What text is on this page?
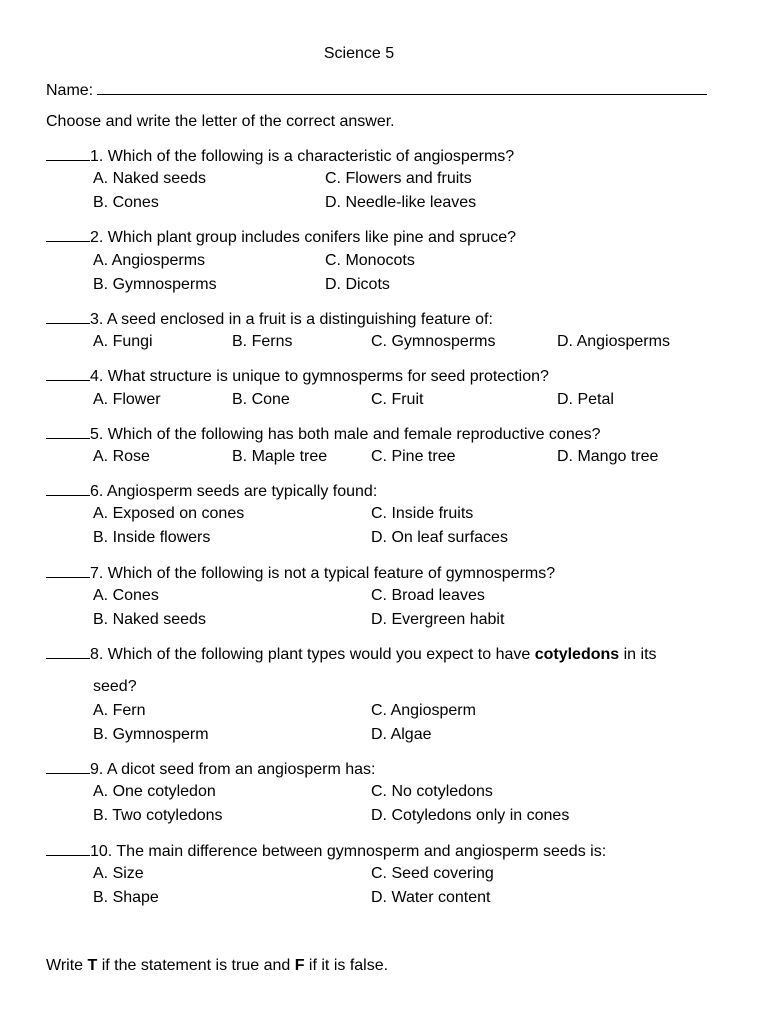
Science 5
Name:
Choose and write the letter of the correct answer.
1. Which of the following is a characteristic of angiosperms?
A. Naked seeds	C. Flowers and fruits
B. Cones	D. Needle-like leaves
2. Which plant group includes conifers like pine and spruce?
A. Angiosperms	C. Monocots
B. Gymnosperms	D. Dicots
3. A seed enclosed in a fruit is a distinguishing feature of:
A. Fungi	B. Ferns	C. Gymnosperms	D. Angiosperms
4. What structure is unique to gymnosperms for seed protection?
A. Flower	B. Cone	C. Fruit	D. Petal
5. Which of the following has both male and female reproductive cones?
A. Rose	B. Maple tree	C. Pine tree	D. Mango tree
6. Angiosperm seeds are typically found:
A. Exposed on cones	C. Inside fruits
B. Inside flowers	D. On leaf surfaces
7. Which of the following is not a typical feature of gymnosperms?
A. Cones	C. Broad leaves
B. Naked seeds	D. Evergreen habit
8. Which of the following plant types would you expect to have cotyledons in its
seed?
A. Fern	C. Angiosperm
B. Gymnosperm	D. Algae
9. A dicot seed from an angiosperm has:
A. One cotyledon	C. No cotyledons
B. Two cotyledons	D. Cotyledons only in cones
10. The main difference between gymnosperm and angiosperm seeds is:
A. Size	C. Seed covering
B. Shape	D. Water content
Write T if the statement is true and F if it is false.
